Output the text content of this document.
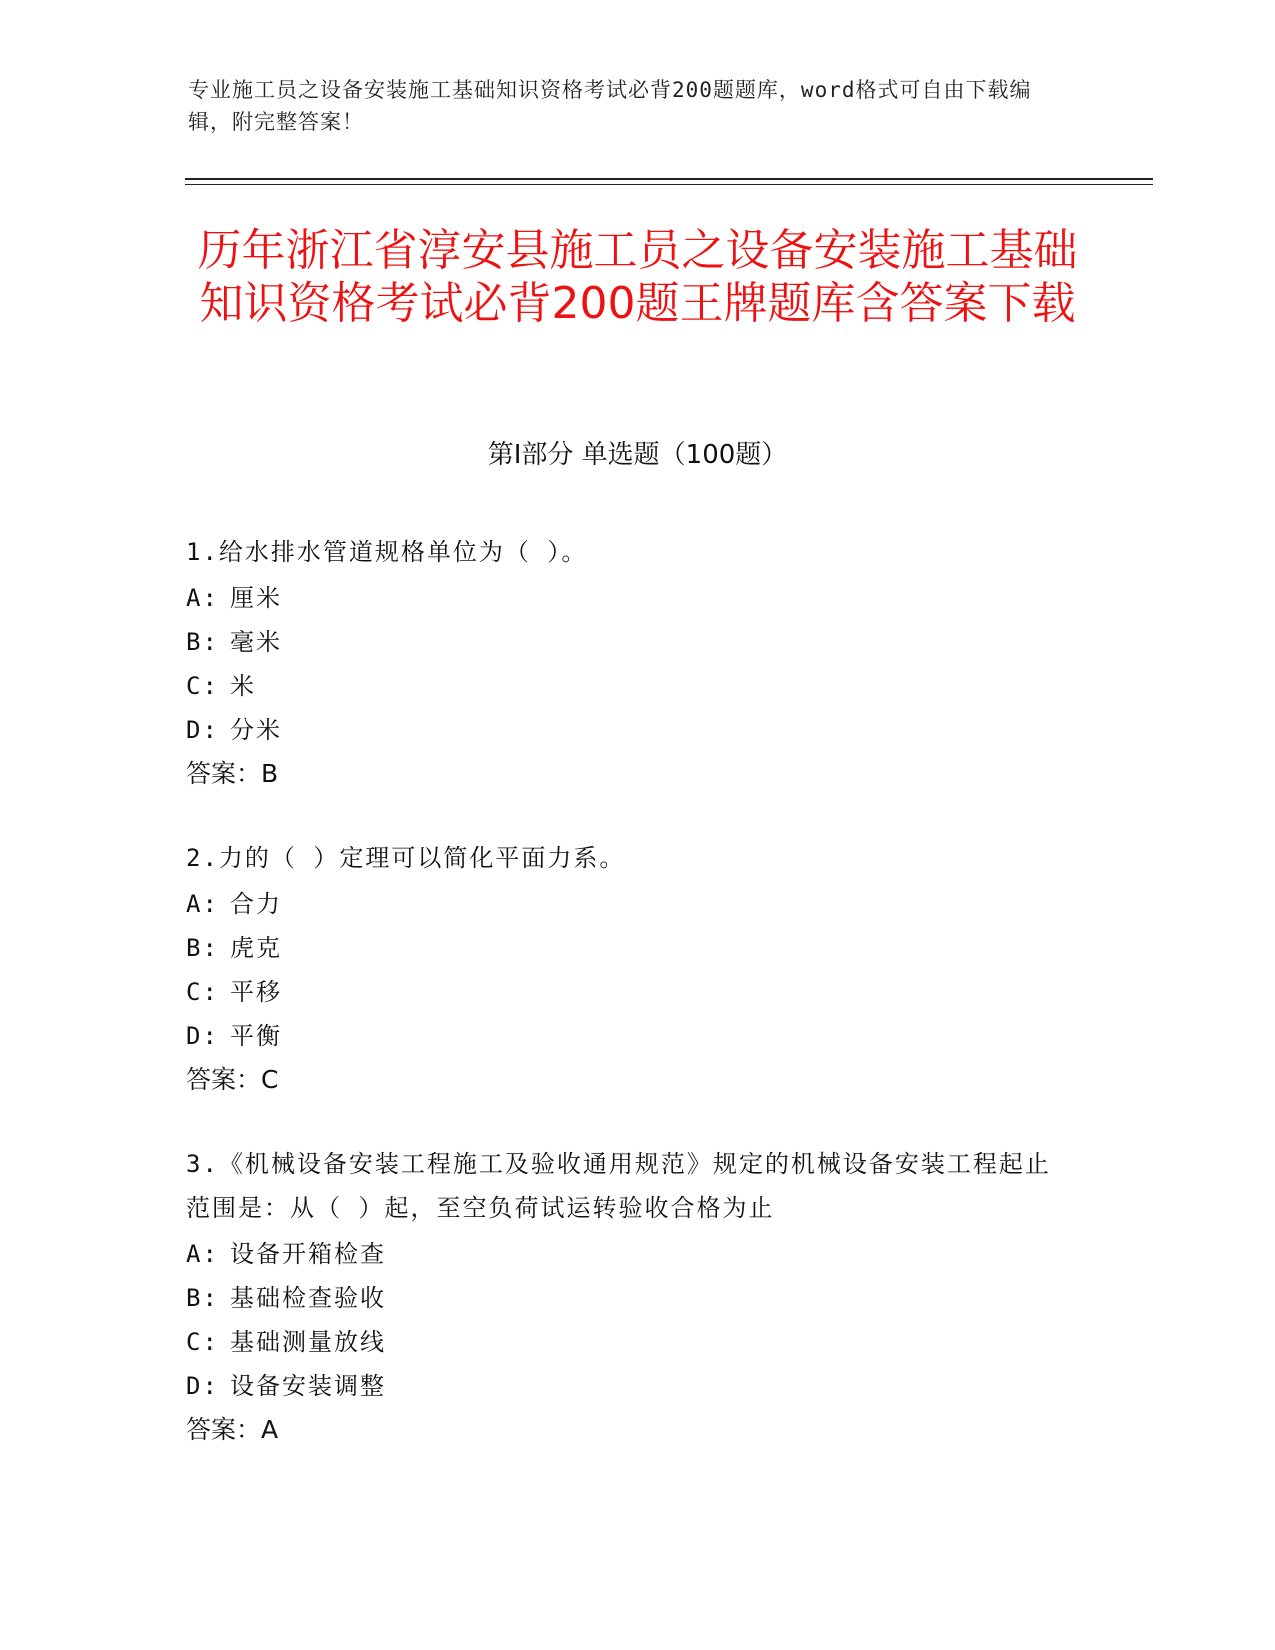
专业施工员之设备安装施工基础知识资格考试必背200题题库，word格式可自由下载编辑，附完整答案！
历年浙江省淳安县施工员之设备安装施工基础知识资格考试必背200题王牌题库含答案下载
第Ⅰ部分 单选题（100题）
1.给水排水管道规格单位为（ ）。
A: 厘米
B: 毫米
C: 米
D: 分米
答案：B
2.力的（ ）定理可以简化平面力系。
A: 合力
B: 虎克
C: 平移
D: 平衡
答案：C
3.《机械设备安装工程施工及验收通用规范》规定的机械设备安装工程起止范围是：从（ ）起，至空负荷试运转验收合格为止
A: 设备开箱检查
B: 基础检查验收
C: 基础测量放线
D: 设备安装调整
答案：A
